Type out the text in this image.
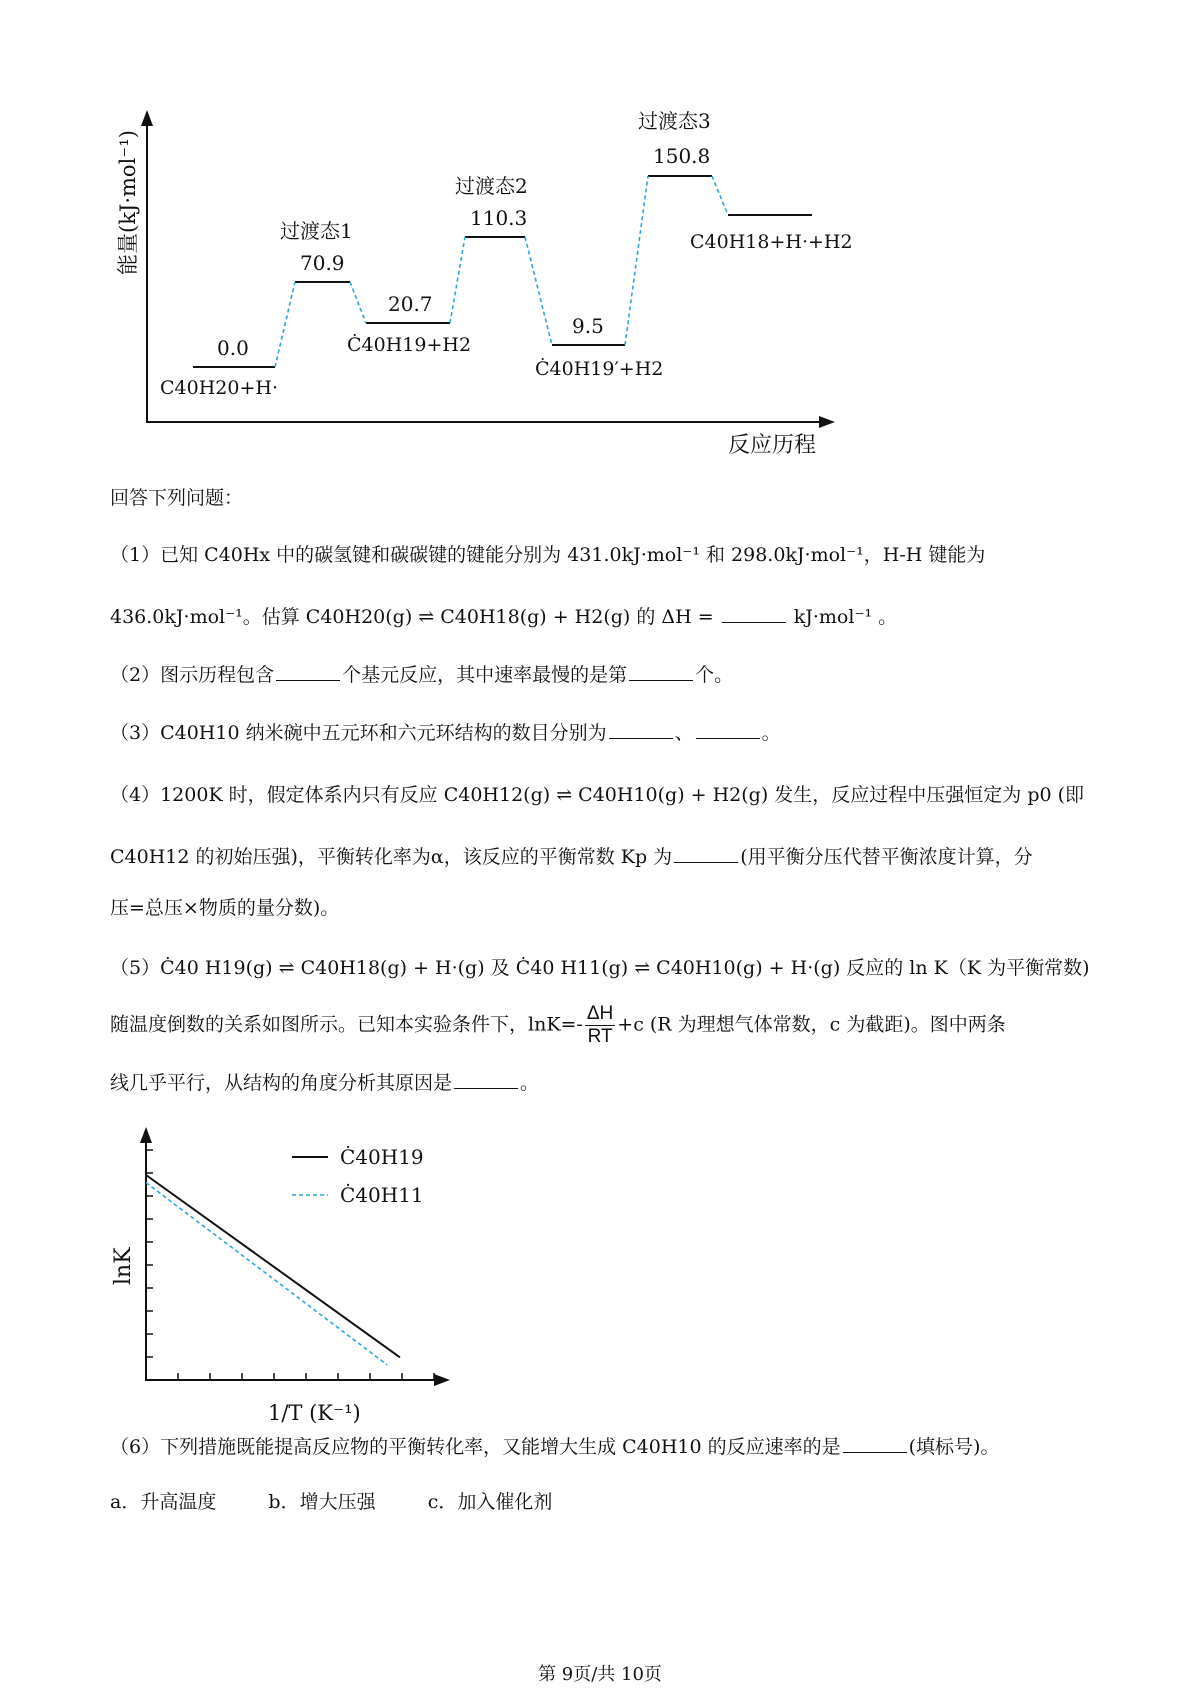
能量(kJ·mol⁻¹)
反应历程
0.0
C40H20+H·
过渡态1
70.9
20.7
Ċ40H19+H2
过渡态2
110.3
9.5
Ċ40H19′+H2
过渡态3
150.8
C40H18+H·+H2
回答下列问题：
（1）已知 C40Hx 中的碳氢键和碳碳键的键能分别为 431.0kJ·mol⁻¹ 和 298.0kJ·mol⁻¹，H-H 键能为
436.0kJ·mol⁻¹。估算 C40H20(g) ⇌ C40H18(g) + H2(g) 的 ΔH =	kJ·mol⁻¹ 。
（2）图示历程包含	个基元反应，其中速率最慢的是第	个。
（3）C40H10 纳米碗中五元环和六元环结构的数目分别为	、	。
（4）1200K 时，假定体系内只有反应 C40H12(g) ⇌ C40H10(g) + H2(g) 发生，反应过程中压强恒定为 p0 (即
C40H12 的初始压强)，平衡转化率为α，该反应的平衡常数 Kp 为	(用平衡分压代替平衡浓度计算，分
压=总压×物质的量分数)。
（5）Ċ40 H19(g) ⇌ C40H18(g) + H·(g) 及 Ċ40 H11(g) ⇌ C40H10(g) + H·(g) 反应的 ln K（K 为平衡常数)
随温度倒数的关系如图所示。已知本实验条件下，$\ln K=- \frac{\Delta H}{RT} +c$ (R 为理想气体常数，c 为截距)。图中两条
线几乎平行，从结构的角度分析其原因是	。
lnK
1/T (K⁻¹)
Ċ40H19
Ċ40H11
（6）下列措施既能提高反应物的平衡转化率，又能增大生成 C40H10 的反应速率的是	(填标号)。
a．升高温度	b．增大压强	c．加入催化剂
第 9页/共 10页
